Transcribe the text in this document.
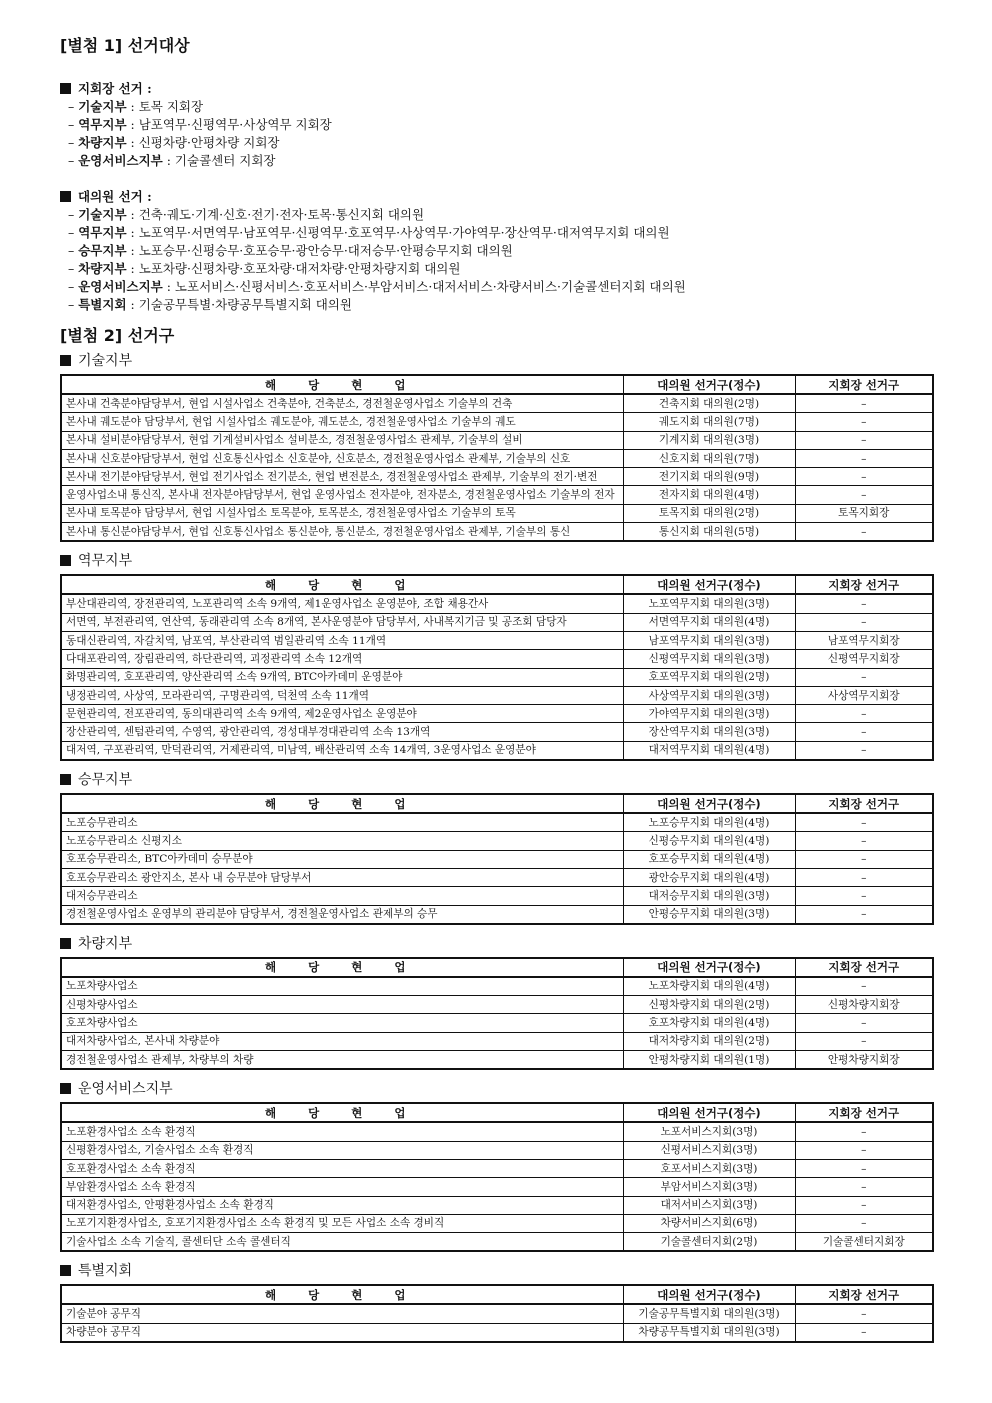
[별첨 1] 선거대상
지회장 선거 :
– 기술지부 : 토목 지회장
– 역무지부 : 남포역무·신평역무·사상역무 지회장
– 차량지부 : 신평차량·안평차량 지회장
– 운영서비스지부 : 기술콜센터 지회장
대의원 선거 :
– 기술지부 : 건축·궤도·기계·신호·전기·전자·토목·통신지회 대의원
– 역무지부 : 노포역무·서면역무·남포역무·신평역무·호포역무·사상역무·가야역무·장산역무·대저역무지회 대의원
– 승무지부 : 노포승무·신평승무·호포승무·광안승무·대저승무·안평승무지회 대의원
– 차량지부 : 노포차량·신평차량·호포차량·대저차량·안평차량지회 대의원
– 운영서비스지부 : 노포서비스·신평서비스·호포서비스·부암서비스·대저서비스·차량서비스·기술콜센터지회 대의원
– 특별지회 : 기술공무특별·차량공무특별지회 대의원
[별첨 2] 선거구
기술지부
해 당 현 업	대의원 선거구(정수)	지회장 선거구
본사내 건축분야담당부서, 현업 시설사업소 건축분야, 건축분소, 경전철운영사업소 기술부의 건축	건축지회 대의원(2명)	–
본사내 궤도분야 담당부서, 현업 시설사업소 궤도분야, 궤도분소, 경전철운영사업소 기술부의 궤도	궤도지회 대의원(7명)	–
본사내 설비분야담당부서, 현업 기계설비사업소 설비분소, 경전철운영사업소 관제부, 기술부의 설비	기계지회 대의원(3명)	–
본사내 신호분야담당부서, 현업 신호통신사업소 신호분야, 신호분소, 경전철운영사업소 관제부, 기술부의 신호	신호지회 대의원(7명)	–
본사내 전기분야담당부서, 현업 전기사업소 전기분소, 현업 변전분소, 경전철운영사업소 관제부, 기술부의 전기·변전	전기지회 대의원(9명)	–
운영사업소내 통신직, 본사내 전자분야담당부서, 현업 운영사업소 전자분야, 전자분소, 경전철운영사업소 기술부의 전자	전자지회 대의원(4명)	–
본사내 토목분야 담당부서, 현업 시설사업소 토목분야, 토목분소, 경전철운영사업소 기술부의 토목	토목지회 대의원(2명)	토목지회장
본사내 통신분야담당부서, 현업 신호통신사업소 통신분야, 통신분소, 경전철운영사업소 관제부, 기술부의 통신	통신지회 대의원(5명)	–
역무지부
해 당 현 업	대의원 선거구(정수)	지회장 선거구
부산대관리역, 장전관리역, 노포관리역 소속 9개역, 제1운영사업소 운영분야, 조합 채용간사	노포역무지회 대의원(3명)	–
서면역, 부전관리역, 연산역, 동래관리역 소속 8개역, 본사운영분야 담당부서, 사내복지기금 및 공조회 담당자	서면역무지회 대의원(4명)	–
동대신관리역, 자갈치역, 남포역, 부산관리역 범일관리역 소속 11개역	남포역무지회 대의원(3명)	남포역무지회장
다대포관리역, 장림관리역, 하단관리역, 괴정관리역 소속 12개역	신평역무지회 대의원(3명)	신평역무지회장
화명관리역, 호포관리역, 양산관리역 소속 9개역, BTC아카데미 운영분야	호포역무지회 대의원(2명)	–
냉정관리역, 사상역, 모라관리역, 구명관리역, 덕천역 소속 11개역	사상역무지회 대의원(3명)	사상역무지회장
문현관리역, 전포관리역, 동의대관리역 소속 9개역, 제2운영사업소 운영분야	가야역무지회 대의원(3명)	–
장산관리역, 센텀관리역, 수영역, 광안관리역, 경성대부경대관리역 소속 13개역	장산역무지회 대의원(3명)	–
대저역, 구포관리역, 만덕관리역, 거제관리역, 미남역, 배산관리역 소속 14개역, 3운영사업소 운영분야	대저역무지회 대의원(4명)	–
승무지부
해 당 현 업	대의원 선거구(정수)	지회장 선거구
노포승무관리소	노포승무지회 대의원(4명)	–
노포승무관리소 신평지소	신평승무지회 대의원(4명)	–
호포승무관리소, BTC아카데미 승무분야	호포승무지회 대의원(4명)	–
호포승무관리소 광안지소, 본사 내 승무분야 담당부서	광안승무지회 대의원(4명)	–
대저승무관리소	대저승무지회 대의원(3명)	–
경전철운영사업소 운영부의 관리분야 담당부서, 경전철운영사업소 관제부의 승무	안평승무지회 대의원(3명)	–
차량지부
해 당 현 업	대의원 선거구(정수)	지회장 선거구
노포차량사업소	노포차량지회 대의원(4명)	–
신평차량사업소	신평차량지회 대의원(2명)	신평차량지회장
호포차량사업소	호포차량지회 대의원(4명)	–
대저차량사업소, 본사내 차량분야	대저차량지회 대의원(2명)	–
경전철운영사업소 관제부, 차량부의 차량	안평차량지회 대의원(1명)	안평차량지회장
운영서비스지부
해 당 현 업	대의원 선거구(정수)	지회장 선거구
노포환경사업소 소속 환경직	노포서비스지회(3명)	–
신평환경사업소, 기술사업소 소속 환경직	신평서비스지회(3명)	–
호포환경사업소 소속 환경직	호포서비스지회(3명)	–
부암환경사업소 소속 환경직	부암서비스지회(3명)	–
대저환경사업소, 안평환경사업소 소속 환경직	대저서비스지회(3명)	–
노포기지환경사업소, 호포기지환경사업소 소속 환경직 및 모든 사업소 소속 경비직	차량서비스지회(6명)	–
기술사업소 소속 기술직, 콜센터단 소속 콜센터직	기술콜센터지회(2명)	기술콜센터지회장
특별지회
해 당 현 업	대의원 선거구(정수)	지회장 선거구
기술분야 공무직	기술공무특별지회 대의원(3명)	–
차량분야 공무직	차량공무특별지회 대의원(3명)	–
